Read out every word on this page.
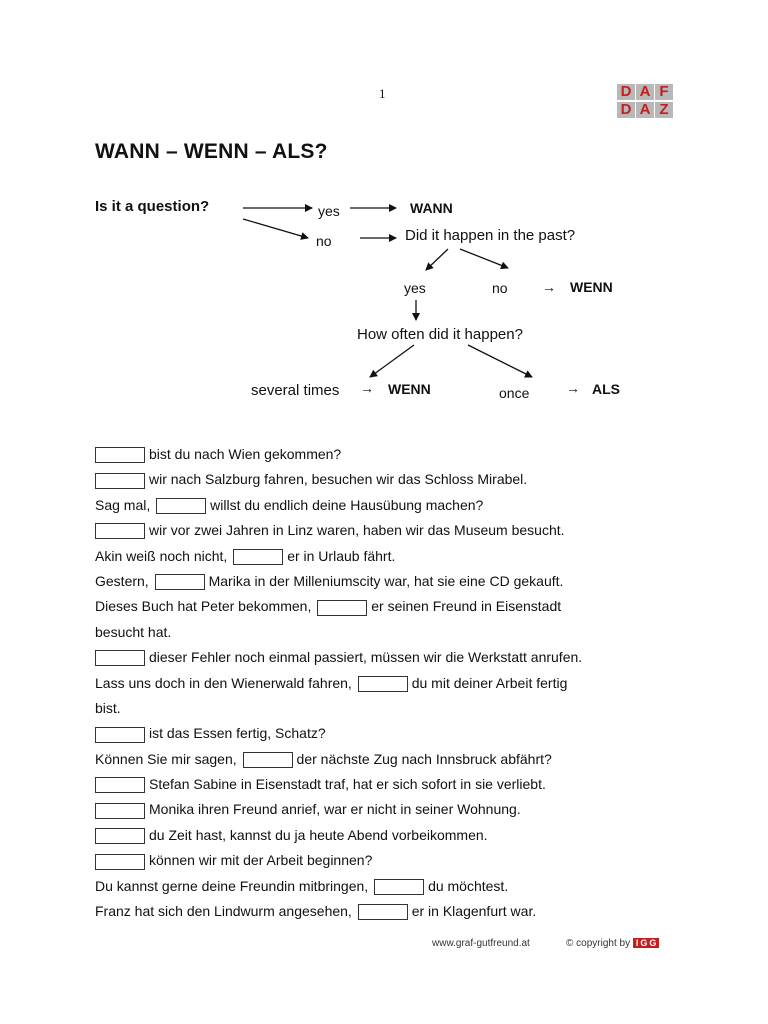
1	D A F
D A Z
WANN – WENN – ALS?
Is it a question?	yes	WANN
no	Did it happen in the past?
yes	no → WENN
How often did it happen?
several times → WENN	once	→ ALS
bist du nach Wien gekommen?
wir nach Salzburg fahren, besuchen wir das Schloss Mirabel.
Sag mal,	willst du endlich deine Hausübung machen?
wir vor zwei Jahren in Linz waren, haben wir das Museum besucht.
Akin weiß noch nicht,	er in Urlaub fährt.
Gestern,	Marika in der Milleniumscity war, hat sie eine CD gekauft.
Dieses Buch hat Peter bekommen,	er seinen Freund in Eisenstadt
besucht hat.
dieser Fehler noch einmal passiert, müssen wir die Werkstatt anrufen.
Lass uns doch in den Wienerwald fahren,	du mit deiner Arbeit fertig
bist.
ist das Essen fertig, Schatz?
Können Sie mir sagen,	der nächste Zug nach Innsbruck abfährt?
Stefan Sabine in Eisenstadt traf, hat er sich sofort in sie verliebt.
Monika ihren Freund anrief, war er nicht in seiner Wohnung.
du Zeit hast, kannst du ja heute Abend vorbeikommen.
können wir mit der Arbeit beginnen?
Du kannst gerne deine Freundin mitbringen,	du möchtest.
Franz hat sich den Lindwurm angesehen,	er in Klagenfurt war.
www.graf-gutfreund.at	© copyright by I G G
